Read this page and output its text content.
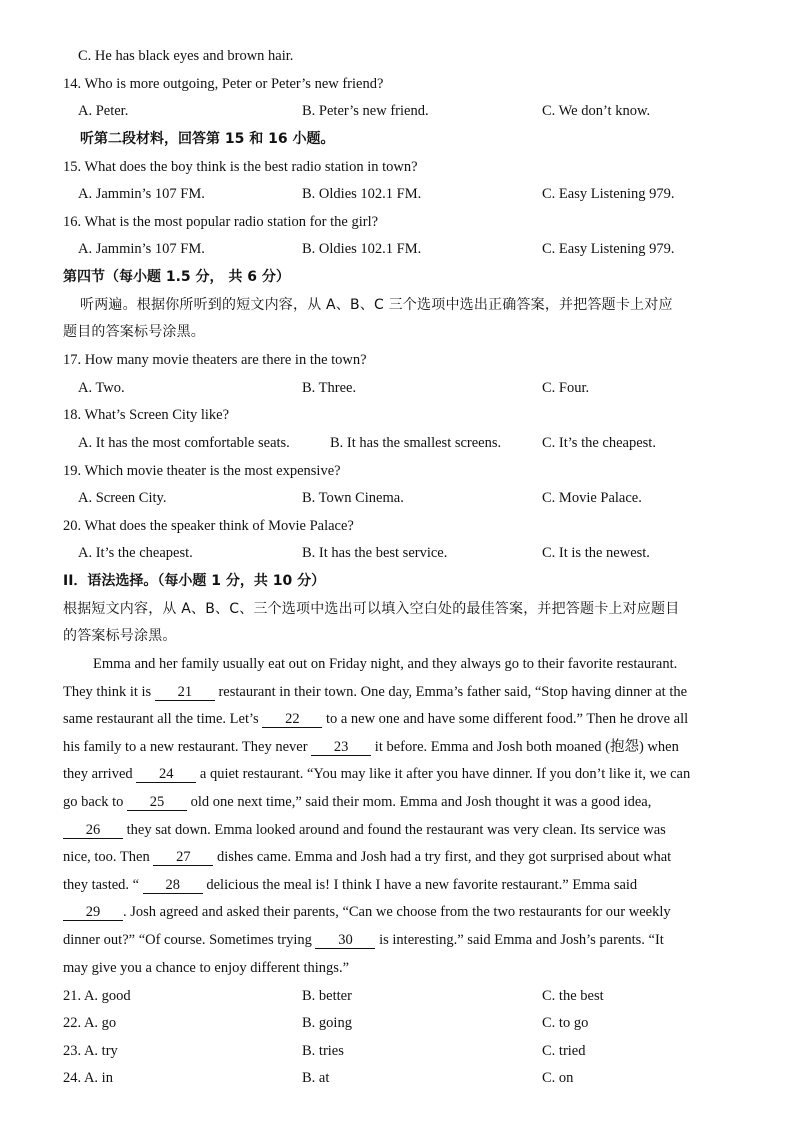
C. He has black eyes and brown hair.
14. Who is more outgoing, Peter or Peter’s new friend?
A. Peter.	B. Peter’s new friend.	C. We don’t know.
听第二段材料，回答第 15 和 16 小题。
15. What does the boy think is the best radio station in town?
A. Jammin’s 107 FM.	B. Oldies 102.1 FM.	C. Easy Listening 979.
16. What is the most popular radio station for the girl?
A. Jammin’s 107 FM.	B. Oldies 102.1 FM.	C. Easy Listening 979.
第四节（每小题 1.5 分， 共 6 分）
听两遍。根据你所听到的短文内容，从 A、B、C 三个选项中选出正确答案，并把答题卡上对应
题目的答案标号涂黑。
17. How many movie theaters are there in the town?
A. Two.	B. Three.	C. Four.
18. What’s Screen City like?
A. It has the most comfortable seats.	B. It has the smallest screens.	C. It’s the cheapest.
19. Which movie theater is the most expensive?
A. Screen City.	B. Town Cinema.	C. Movie Palace.
20. What does the speaker think of Movie Palace?
A. It’s the cheapest.	B. It has the best service.	C. It is the newest.
II．语法选择。（每小题 1 分，共 10 分）
根据短文内容，从 A、B、C、三个选项中选出可以填入空白处的最佳答案，并把答题卡上对应题目
的答案标号涂黑。
Emma and her family usually eat out on Friday night, and they always go to their favorite restaurant.
They think it is 21 restaurant in their town. One day, Emma’s father said, “Stop having dinner at the
same restaurant all the time. Let’s 22 to a new one and have some different food.” Then he drove all
his family to a new restaurant. They never 23 it before. Emma and Josh both moaned (抱怨) when
they arrived 24 a quiet restaurant. “You may like it after you have dinner. If you don’t like it, we can
go back to 25 old one next time,” said their mom. Emma and Josh thought it was a good idea,
26 they sat down. Emma looked around and found the restaurant was very clean. Its service was
nice, too. Then 27 dishes came. Emma and Josh had a try first, and they got surprised about what
they tasted. “ 28 delicious the meal is! I think I have a new favorite restaurant.” Emma said
29 . Josh agreed and asked their parents, “Can we choose from the two restaurants for our weekly
dinner out?” “Of course. Sometimes trying 30 is interesting.” said Emma and Josh’s parents. “It
may give you a chance to enjoy different things.”
21. A. good	B. better	C. the best
22. A. go	B. going	C. to go
23. A. try	B. tries	C. tried
24. A. in	B. at	C. on
